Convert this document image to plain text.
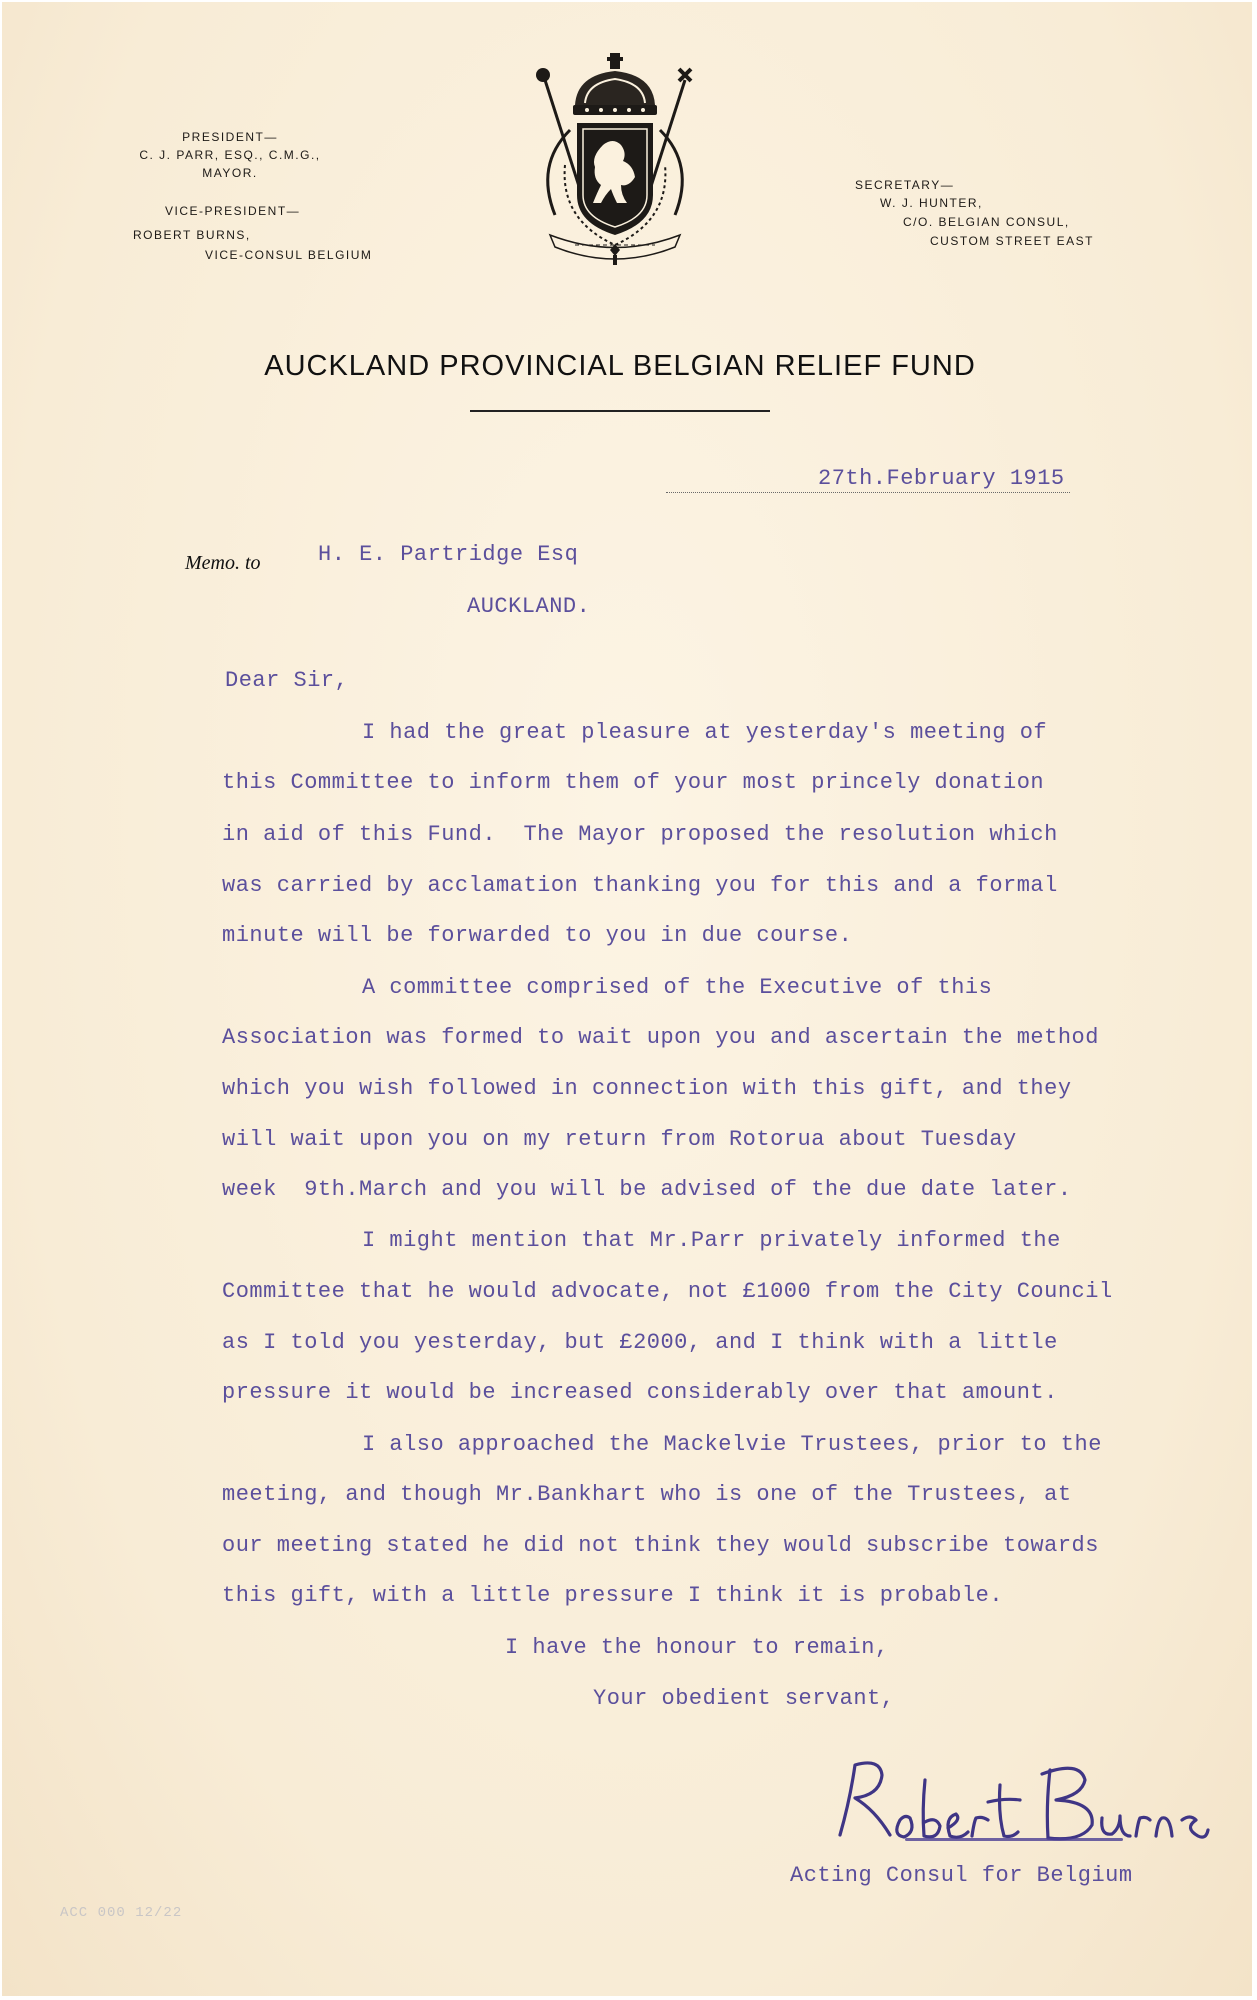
PRESIDENT—
C. J. PARR, ESQ., C.M.G.,
MAYOR.
VICE-PRESIDENT—
ROBERT BURNS,
VICE-CONSUL BELGIUM
SECRETARY—
W. J. HUNTER,
C/O. BELGIAN CONSUL,
CUSTOM STREET EAST
AUCKLAND PROVINCIAL BELGIAN RELIEF FUND
27th.February 1915
Memo. to	H. E. Partridge Esq
AUCKLAND.
Dear Sir,
I had the great pleasure at yesterday's meeting of
this Committee to inform them of your most princely donation
in aid of this Fund.  The Mayor proposed the resolution which
was carried by acclamation thanking you for this and a formal
minute will be forwarded to you in due course.
A committee comprised of the Executive of this
Association was formed to wait upon you and ascertain the method
which you wish followed in connection with this gift, and they
will wait upon you on my return from Rotorua about Tuesday
week  9th.March and you will be advised of the due date later.
I might mention that Mr.Parr privately informed the
Committee that he would advocate, not £1000 from the City Council
as I told you yesterday, but £2000, and I think with a little
pressure it would be increased considerably over that amount.
I also approached the Mackelvie Trustees, prior to the
meeting, and though Mr.Bankhart who is one of the Trustees, at
our meeting stated he did not think they would subscribe towards
this gift, with a little pressure I think it is probable.
I have the honour to remain,
Your obedient servant,
Acting Consul for Belgium
ACC 000 12/22
